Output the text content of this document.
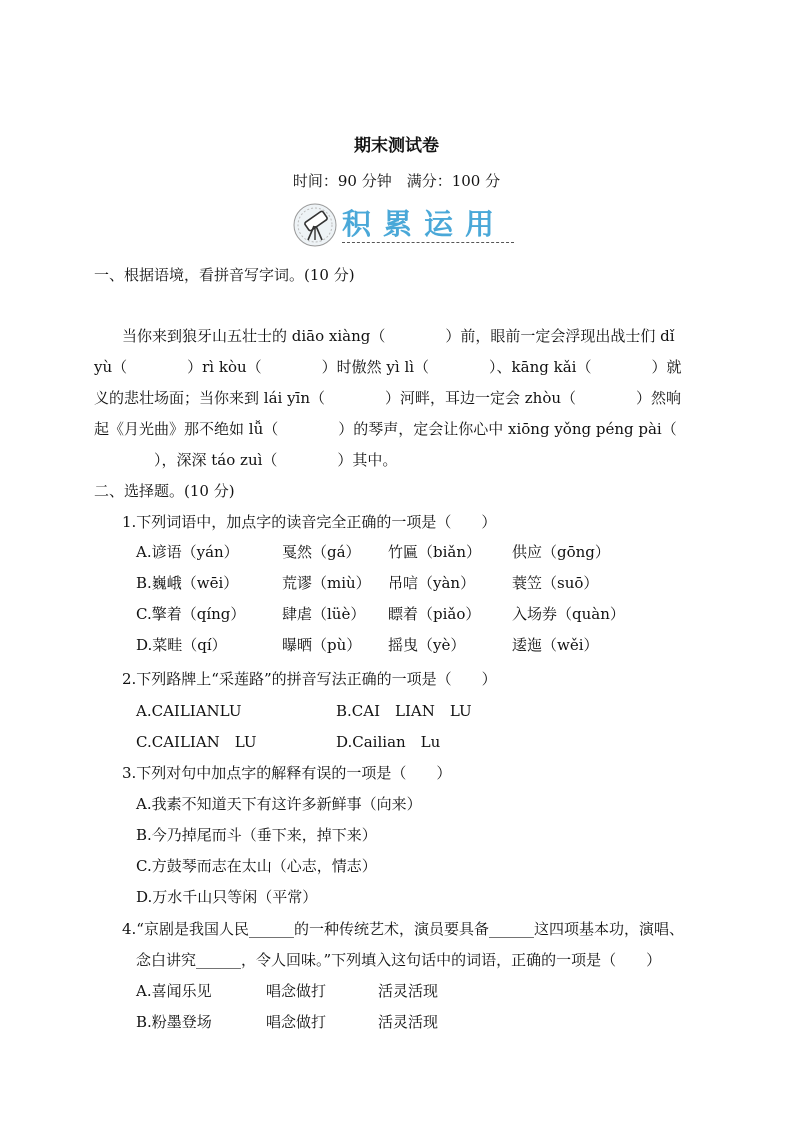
期末测试卷
时间：90 分钟　满分：100 分
积累运用
一、根据语境，看拼音写字词。(10 分)
当你来到狼牙山五壮士的 diāo xiàng（　　　　）前，眼前一定会浮现出战士们 dǐ
yù（　　　　）rì kòu（　　　　）时傲然 yì lì（　　　　）、kāng kǎi（　　　　）就
义的悲壮场面；当你来到 lái yīn（　　　　）河畔，耳边一定会 zhòu（　　　　）然响
起《月光曲》那不绝如 lǚ（　　　　）的琴声，定会让你心中 xiōng yǒng péng pài（
　　　　），深深 táo zuì（　　　　）其中。
二、选择题。(10 分)
1.下列词语中，加点字的读音完全正确的一项是（　　）
A.谚语（yán）	戛然（gá） 竹匾（biǎn） 供应（gōng）
B.巍峨（wēi）	荒谬（miù） 吊唁（yàn） 蓑笠（suō）
C.擎着（qíng） 肆虐（lüè） 瞟着（piǎo） 入场券（quàn）
D.菜畦（qí）	曝晒（pù） 摇曳（yè）	逶迤（wěi）
2.下列路牌上“采莲路”的拼音写法正确的一项是（　　）
A.CAILIANLU	B.CAI　LIAN　LU
C.CAILIAN　LU	D.Cailian　Lu
3.下列对句中加点字的解释有误的一项是（　　）
A.我素不知道天下有这许多新鲜事（向来）
B.今乃掉尾而斗（垂下来，掉下来）
C.方鼓琴而志在太山（心志，情志）
D.万水千山只等闲（平常）
4.“京剧是我国人民______的一种传统艺术，演员要具备______这四项基本功，演唱、
念白讲究______，令人回味。”下列填入这句话中的词语，正确的一项是（　　）
A.喜闻乐见	唱念做打	活灵活现
B.粉墨登场	唱念做打	活灵活现
